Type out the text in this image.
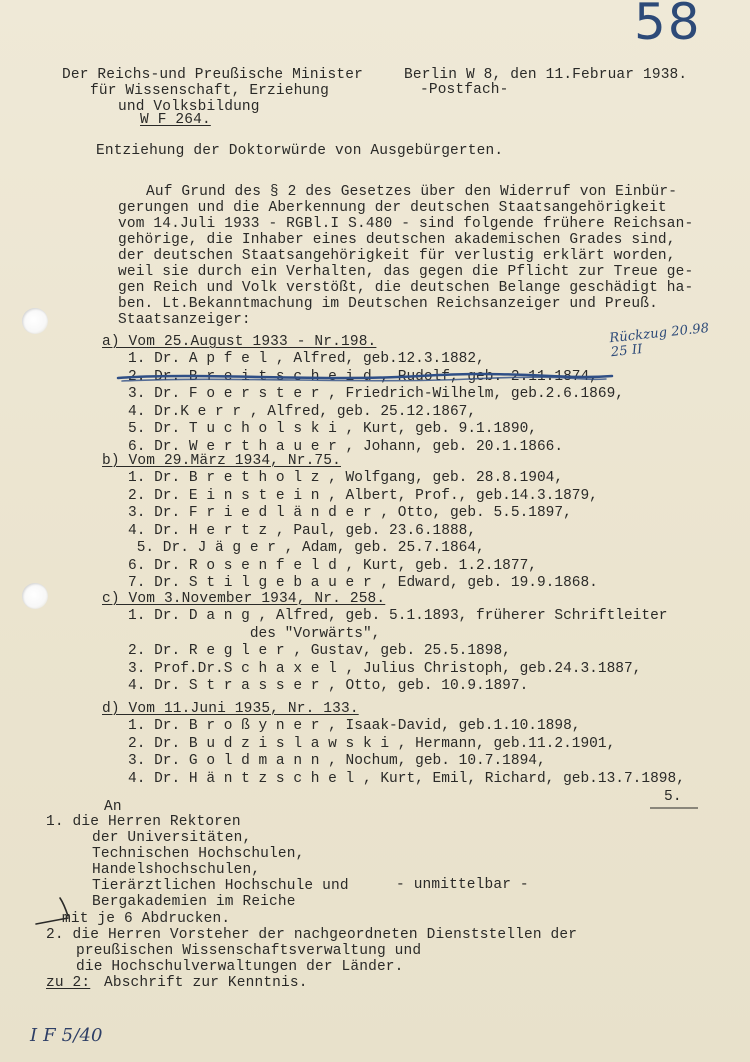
58
Der Reichs-und Preußische Minister
für Wissenschaft, Erziehung
und Volksbildung
W F 264.
Berlin W 8, den 11.Februar 1938.
-Postfach-
Entziehung der Doktorwürde von Ausgebürgerten.
Auf Grund des § 2 des Gesetzes über den Widerruf von Einbür-
gerungen und die Aberkennung der deutschen Staatsangehörigkeit
vom 14.Juli 1933 - RGBl.I S.480 - sind folgende frühere Reichsan-
gehörige, die Inhaber eines deutschen akademischen Grades sind,
der deutschen Staatsangehörigkeit für verlustig erklärt worden,
weil sie durch ein Verhalten, das gegen die Pflicht zur Treue ge-
gen Reich und Volk verstößt, die deutschen Belange geschädigt ha-
ben. Lt.Bekanntmachung im Deutschen Reichsanzeiger und Preuß.
Staatsanzeiger:
Rückzug 20.98 25 II
a) Vom 25.August 1933 - Nr.198.
1. Dr. A p f e l , Alfred, geb.12.3.1882,
2. Dr. B r e i t s c h e i d , Rudolf, geb. 2.11.1874,
3. Dr. F o e r s t e r , Friedrich-Wilhelm, geb.2.6.1869,
4. Dr.K e r r , Alfred, geb. 25.12.1867,
5. Dr. T u c h o l s k i , Kurt, geb. 9.1.1890,
6. Dr. W e r t h a u e r , Johann, geb. 20.1.1866.
b) Vom 29.März 1934, Nr.75.
1. Dr. B r e t h o l z , Wolfgang, geb. 28.8.1904,
2. Dr. E i n s t e i n , Albert, Prof., geb.14.3.1879,
3. Dr. F r i e d l ä n d e r , Otto, geb. 5.5.1897,
4. Dr. H e r t z , Paul, geb. 23.6.1888,
5. Dr. J ä g e r , Adam, geb. 25.7.1864,
6. Dr. R o s e n f e l d , Kurt, geb. 1.2.1877,
7. Dr. S t i l g e b a u e r , Edward, geb. 19.9.1868.
c) Vom 3.November 1934, Nr. 258.
1. Dr. D a n g , Alfred, geb. 5.1.1893, früherer Schriftleiter
des "Vorwärts",
2. Dr. R e g l e r , Gustav, geb. 25.5.1898,
3. Prof.Dr.S c h a x e l , Julius Christoph, geb.24.3.1887,
4. Dr. S t r a s s e r , Otto, geb. 10.9.1897.
d) Vom 11.Juni 1935, Nr. 133.
1. Dr. B r o ß y n e r , Isaak-David, geb.1.10.1898,
2. Dr. B u d z i s l a w s k i , Hermann, geb.11.2.1901,
3. Dr. G o l d m a n n , Nochum, geb. 10.7.1894,
4. Dr. H ä n t z s c h e l , Kurt, Emil, Richard, geb.13.7.1898,
5.
An
1. die Herren Rektoren
der Universitäten,
Technischen Hochschulen,
Handelshochschulen,
Tierärztlichen Hochschule und
Bergakademien im Reiche
- unmittelbar -
mit je 6 Abdrucken.
2. die Herren Vorsteher der nachgeordneten Dienststellen der
preußischen Wissenschaftsverwaltung und
die Hochschulverwaltungen der Länder.
zu 2: Abschrift zur Kenntnis.
I F 5/40
